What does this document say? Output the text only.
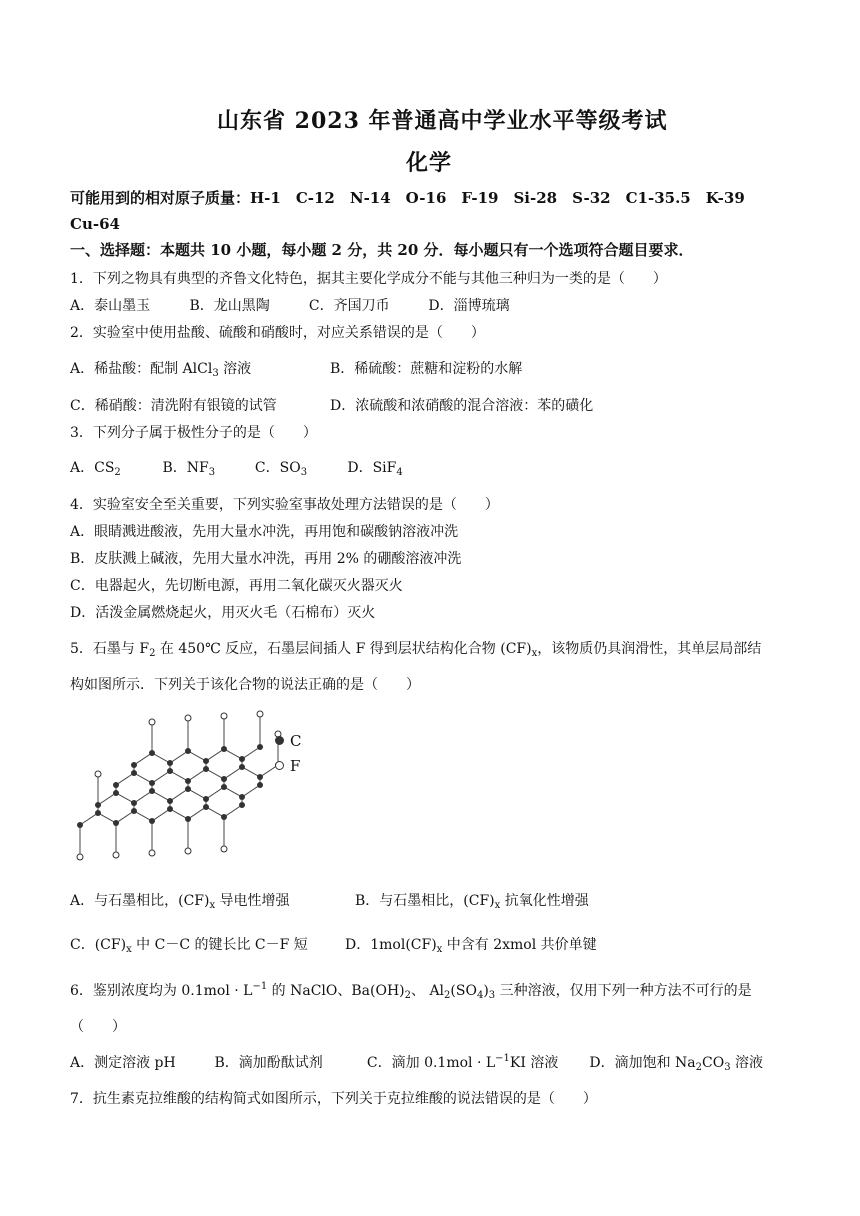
山东省 2023 年普通高中学业水平等级考试
化学
可能用到的相对原子质量：H-1　C-12　N-14　O-16　F-19　Si-28　S-32　C1-35.5　K-39
Cu-64
一、选择题：本题共 10 小题，每小题 2 分，共 20 分．每小题只有一个选项符合题目要求．
1．下列之物具有典型的齐鲁文化特色，据其主要化学成分不能与其他三种归为一类的是（　　）
A．泰山墨玉	B．龙山黑陶	C．齐国刀币	D．淄博琉璃
2．实验室中使用盐酸、硫酸和硝酸时，对应关系错误的是（　　）
A．稀盐酸：配制 AlCl$_3$ 溶液	B．稀硫酸：蔗糖和淀粉的水解
C．稀硝酸：清洗附有银镜的试管	D．浓硫酸和浓硝酸的混合溶液：苯的磺化
3．下列分子属于极性分子的是（　　）
A．$CS_2$	B．$NF_3$	C．$SO_3$	D．SiF$_4$
4．实验室安全至关重要，下列实验室事故处理方法错误的是（　　）
A．眼睛溅进酸液，先用大量水冲洗，再用饱和碳酸钠溶液冲洗
B．皮肤溅上碱液，先用大量水冲洗，再用 2% 的硼酸溶液冲洗
C．电器起火，先切断电源，再用二氧化碳灭火器灭火
D．活泼金属燃烧起火，用灭火毛（石棉布）灭火
5．石墨与 $F_2$ 在 450℃ 反应，石墨层间插人 F 得到层状结构化合物 $(CF)_x$，该物质仍具润滑性，其单层局部结
构如图所示．下列关于该化合物的说法正确的是（　　）
C
F
A．与石墨相比，$(CF)_x$ 导电性增强	B．与石墨相比，$(CF)_x$ 抗氧化性增强
C．$(CF)_x$ 中 C－C 的键长比 C－F 短	D．$1mol(CF)_x$ 中含有 2xmol 共价单键
6．鉴别浓度均为 $0.1mol \cdot L^{-1}$ 的 NaClO、$Ba(OH)_2$、 $Al_2(SO_4)_3$ 三种溶液，仅用下列一种方法不可行的是
（　　）
A．测定溶液 pH	B．滴加酚酞试剂	C．滴加 $0.1mol \cdot L^{-1}KI$ 溶液 D．滴加饱和 $Na_2CO_3$ 溶液
7．抗生素克拉维酸的结构简式如图所示，下列关于克拉维酸的说法错误的是（　　）
